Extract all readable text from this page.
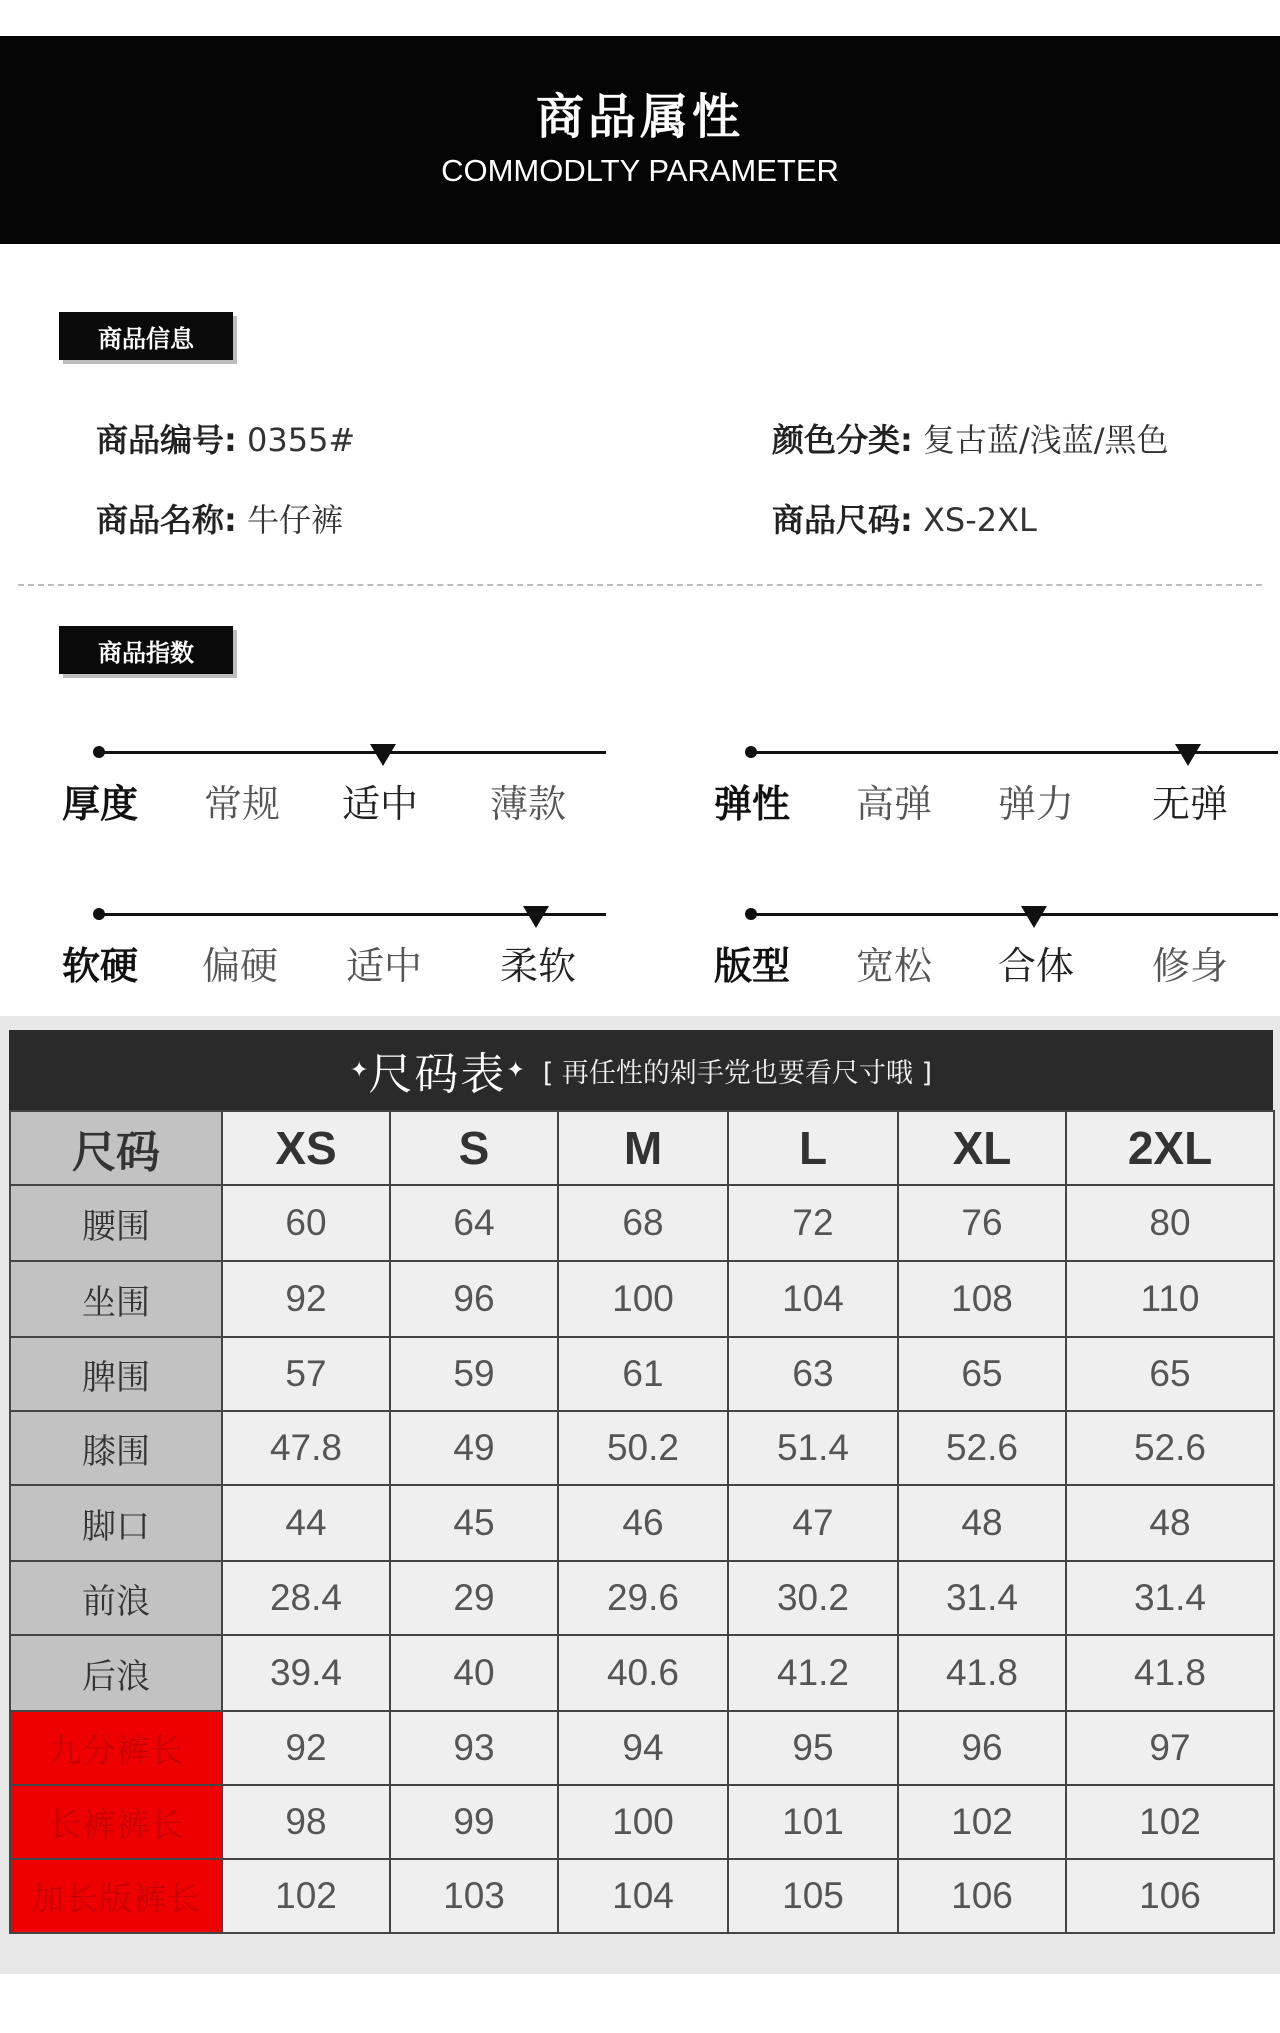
商品属性
COMMODLTY PARAMETER
商品信息
商品编号: 0355#	颜色分类: 复古蓝/浅蓝/黑色
商品名称: 牛仔裤	商品尺码: XS-2XL
商品指数
厚度 常规 适中 薄款	弹性 高弹 弹力 无弹
软硬 偏硬 适中 柔软	版型 宽松 合体 修身
✦ 尺码表 ✦ [ 再任性的剁手党也要看尺寸哦 ]
尺码	XS	S	M	L	XL	2XL
腰围	60	64	68	72	76	80
坐围	92	96	100	104	108	110
脾围	57	59	61	63	65	65
膝围	47.8	49	50.2	51.4	52.6	52.6
脚口	44	45	46	47	48	48
前浪	28.4	29	29.6	30.2	31.4	31.4
后浪	39.4	40	40.6	41.2	41.8	41.8
九分裤长	92	93	94	95	96	97
长裤裤长	98	99	100	101	102	102
加长版裤长	102	103	104	105	106	106
